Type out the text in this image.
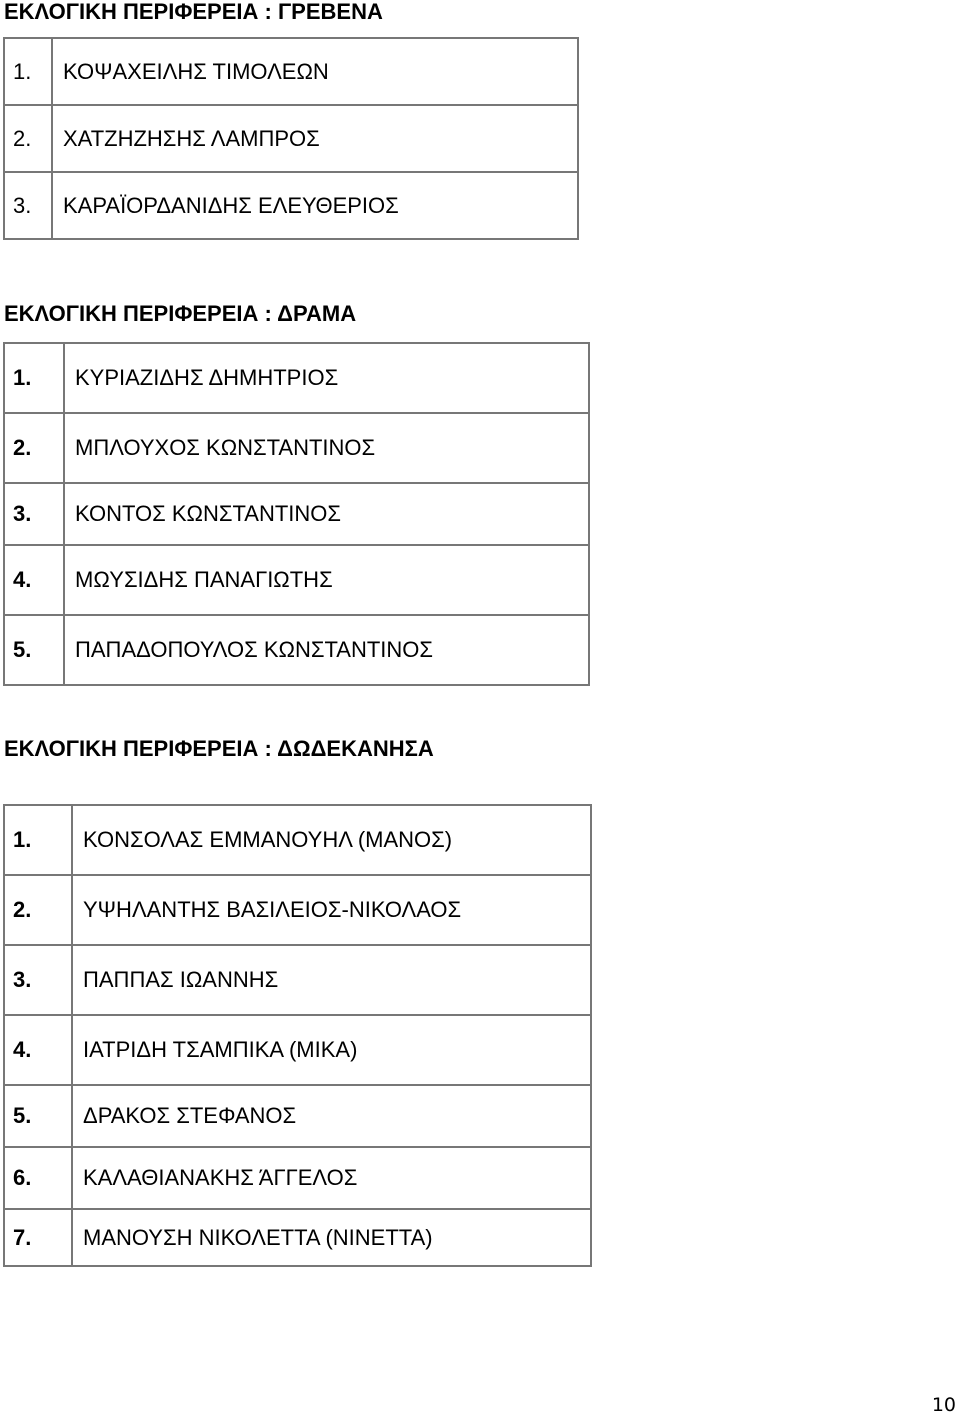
ΕΚΛΟΓΙΚΗ ΠΕΡΙΦΕΡΕΙΑ : ΓΡΕΒΕΝΑ
1.	ΚΟΨΑΧΕΙΛΗΣ ΤΙΜΟΛΕΩΝ
2.	ΧΑΤΖΗΖΗΣΗΣ ΛΑΜΠΡΟΣ
3.	ΚΑΡΑΪΟΡΔΑΝΙΔΗΣ ΕΛΕΥΘΕΡΙΟΣ
ΕΚΛΟΓΙΚΗ ΠΕΡΙΦΕΡΕΙΑ : ΔΡΑΜΑ
1.	ΚΥΡΙΑΖΙΔΗΣ ΔΗΜΗΤΡΙΟΣ
2.	ΜΠΛΟΥΧΟΣ ΚΩΝΣΤΑΝΤΙΝΟΣ
3.	ΚΟΝΤΟΣ ΚΩΝΣΤΑΝΤΙΝΟΣ
4.	ΜΩΥΣΙΔΗΣ ΠΑΝΑΓΙΩΤΗΣ
5.	ΠΑΠΑΔΟΠΟΥΛΟΣ ΚΩΝΣΤΑΝΤΙΝΟΣ
ΕΚΛΟΓΙΚΗ ΠΕΡΙΦΕΡΕΙΑ : ΔΩΔΕΚΑΝΗΣΑ
1.	ΚΟΝΣΟΛΑΣ ΕΜΜΑΝΟΥΗΛ (ΜΑΝΟΣ)
2.	ΥΨΗΛΑΝΤΗΣ ΒΑΣΙΛΕΙΟΣ-ΝΙΚΟΛΑΟΣ
3.	ΠΑΠΠΑΣ ΙΩΑΝΝΗΣ
4.	ΙΑΤΡΙΔΗ ΤΣΑΜΠΙΚΑ (ΜΙΚΑ)
5.	ΔΡΑΚΟΣ ΣΤΕΦΑΝΟΣ
6.	ΚΑΛΑΘΙΑΝΑΚΗΣ ΆΓΓΕΛΟΣ
7.	ΜΑΝΟΥΣΗ ΝΙΚΟΛΕΤΤΑ (ΝΙΝΕΤΤΑ)
10
